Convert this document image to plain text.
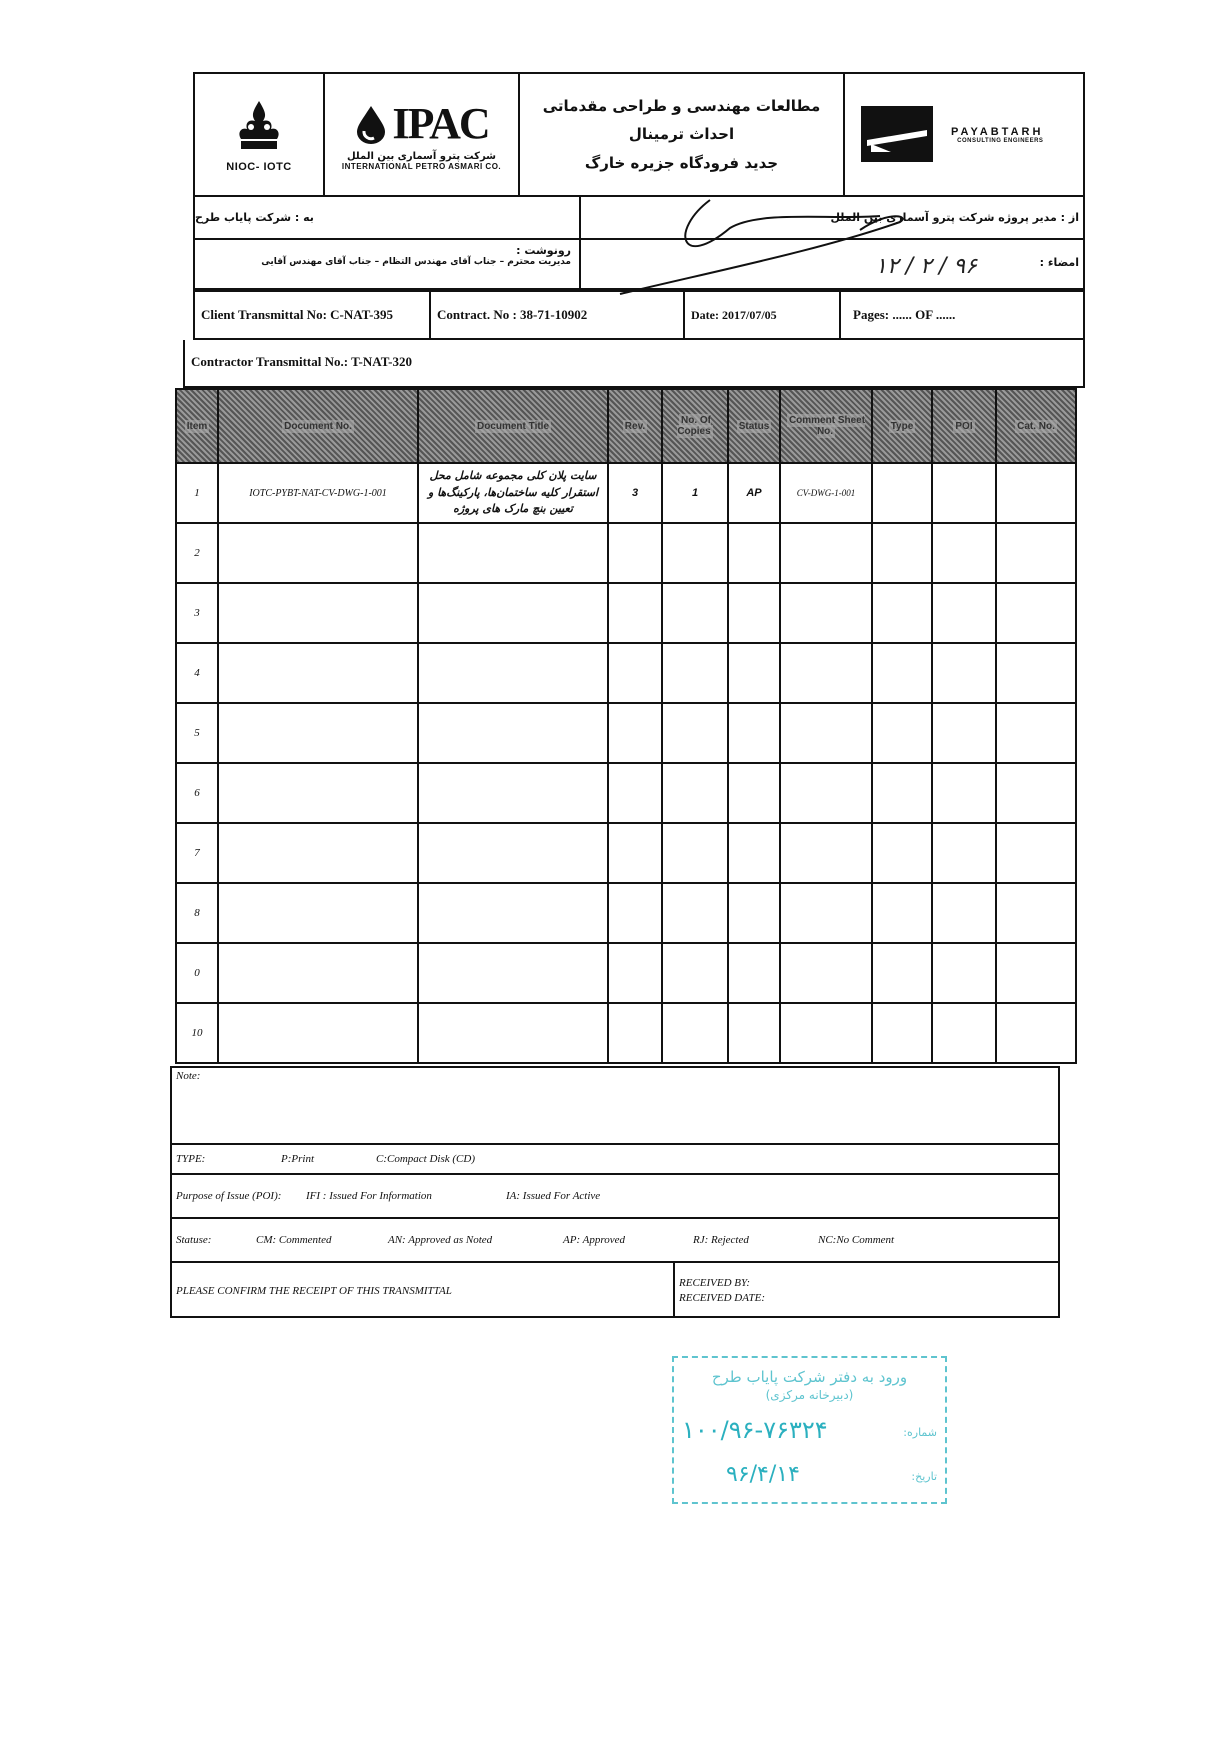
NIOC- IOTC
IPAC
شرکت پترو آسماری بین الملل
INTERNATIONAL PETRO ASMARI CO.
مطالعات مهندسی و طراحی مقدماتی احداث ترمینال
جدید فرودگاه جزیره خارگ
PAYABTARH
CONSULTING ENGINEERS
به : شرکت پایاب طرح	از : مدیر پروژه شرکت پترو آسماری بین الملل
رونوشت :
مدیریت محترم – جناب آقای مهندس التظام – جناب آقای مهندس آقایی	امضاء :
۱۲ / ۲ / ۹۶
Client Transmittal No: C-NAT-395	Contract. No : 38-71-10902	Date: 2017/07/05	Pages: ...... OF ......
Contractor Transmittal No.: T-NAT-320
Item	Document No.	Document Title	Rev.	No. Of Copies	Status	Comment Sheet No.	Type	POI	Cat. No.
1	IOTC-PYBT-NAT-CV-DWG-1-001	سایت پلان کلی مجموعه شامل محل استقرار کلیه ساختمان‌ها، پارکینگ‌ها و تعیین بنچ مارک های پروژه	3	1	AP	CV-DWG-1-001			
2									
3									
4									
5									
6									
7									
8									
0									
10									
Note:
TYPE:	P:Print	C:Compact Disk (CD)
Purpose of Issue (POI):	IFI : Issued For Information	IA: Issued For Active
Statuse:	CM: Commented	AN: Approved as Noted	AP: Approved	RJ: Rejected	NC:No Comment
PLEASE CONFIRM THE RECEIPT OF THIS TRANSMITTAL
RECEIVED BY:
RECEIVED DATE:
ورود به دفتر شرکت پایاب طرح
(دبیرخانه مرکزی)
شماره:
۱۰۰/۹۶-۷۶۳۲۴
تاریخ:
۹۶/۴/۱۴
